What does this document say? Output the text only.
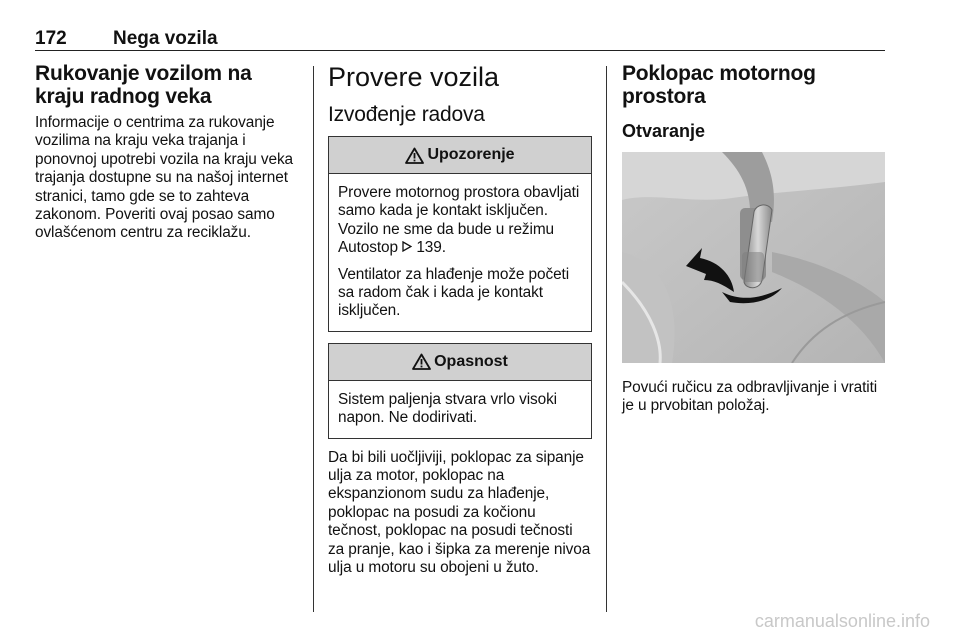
172 Nega vozila
Rukovanje vozilom na kraju radnog veka

Informacije o centrima za rukovanje vozilima na kraju veka trajanja i ponovnoj upotrebi vozila na kraju veka trajanja dostupne su na našoj internet stranici, tamo gde se to zahteva zakonom. Poveriti ovaj posao samo ovlašćenom centru za reciklažu.

Provere vozila
Izvođenje radova
Upozorenje

Provere motornog prostora obavljati samo kada je kontakt isključen. Vozilo ne sme da bude u režimu Autostop 139.

Ventilator za hlađenje može početi sa radom čak i kada je kontakt isključen.

Opasnost

Sistem paljenja stvara vrlo visoki napon. Ne dodirivati.

Da bi bili uočljiviji, poklopac za sipanje ulja za motor, poklopac na ekspanzionom sudu za hlađenje, poklopac na posudi za kočionu tečnost, poklopac na posudi tečnosti za pranje, kao i šipka za merenje nivoa ulja u motoru su obojeni u žuto.

Poklopac motornog prostora
Otvaranje

Povući ručicu za odbravljivanje i vratiti je u prvobitan položaj.

carmanualsonline.info
